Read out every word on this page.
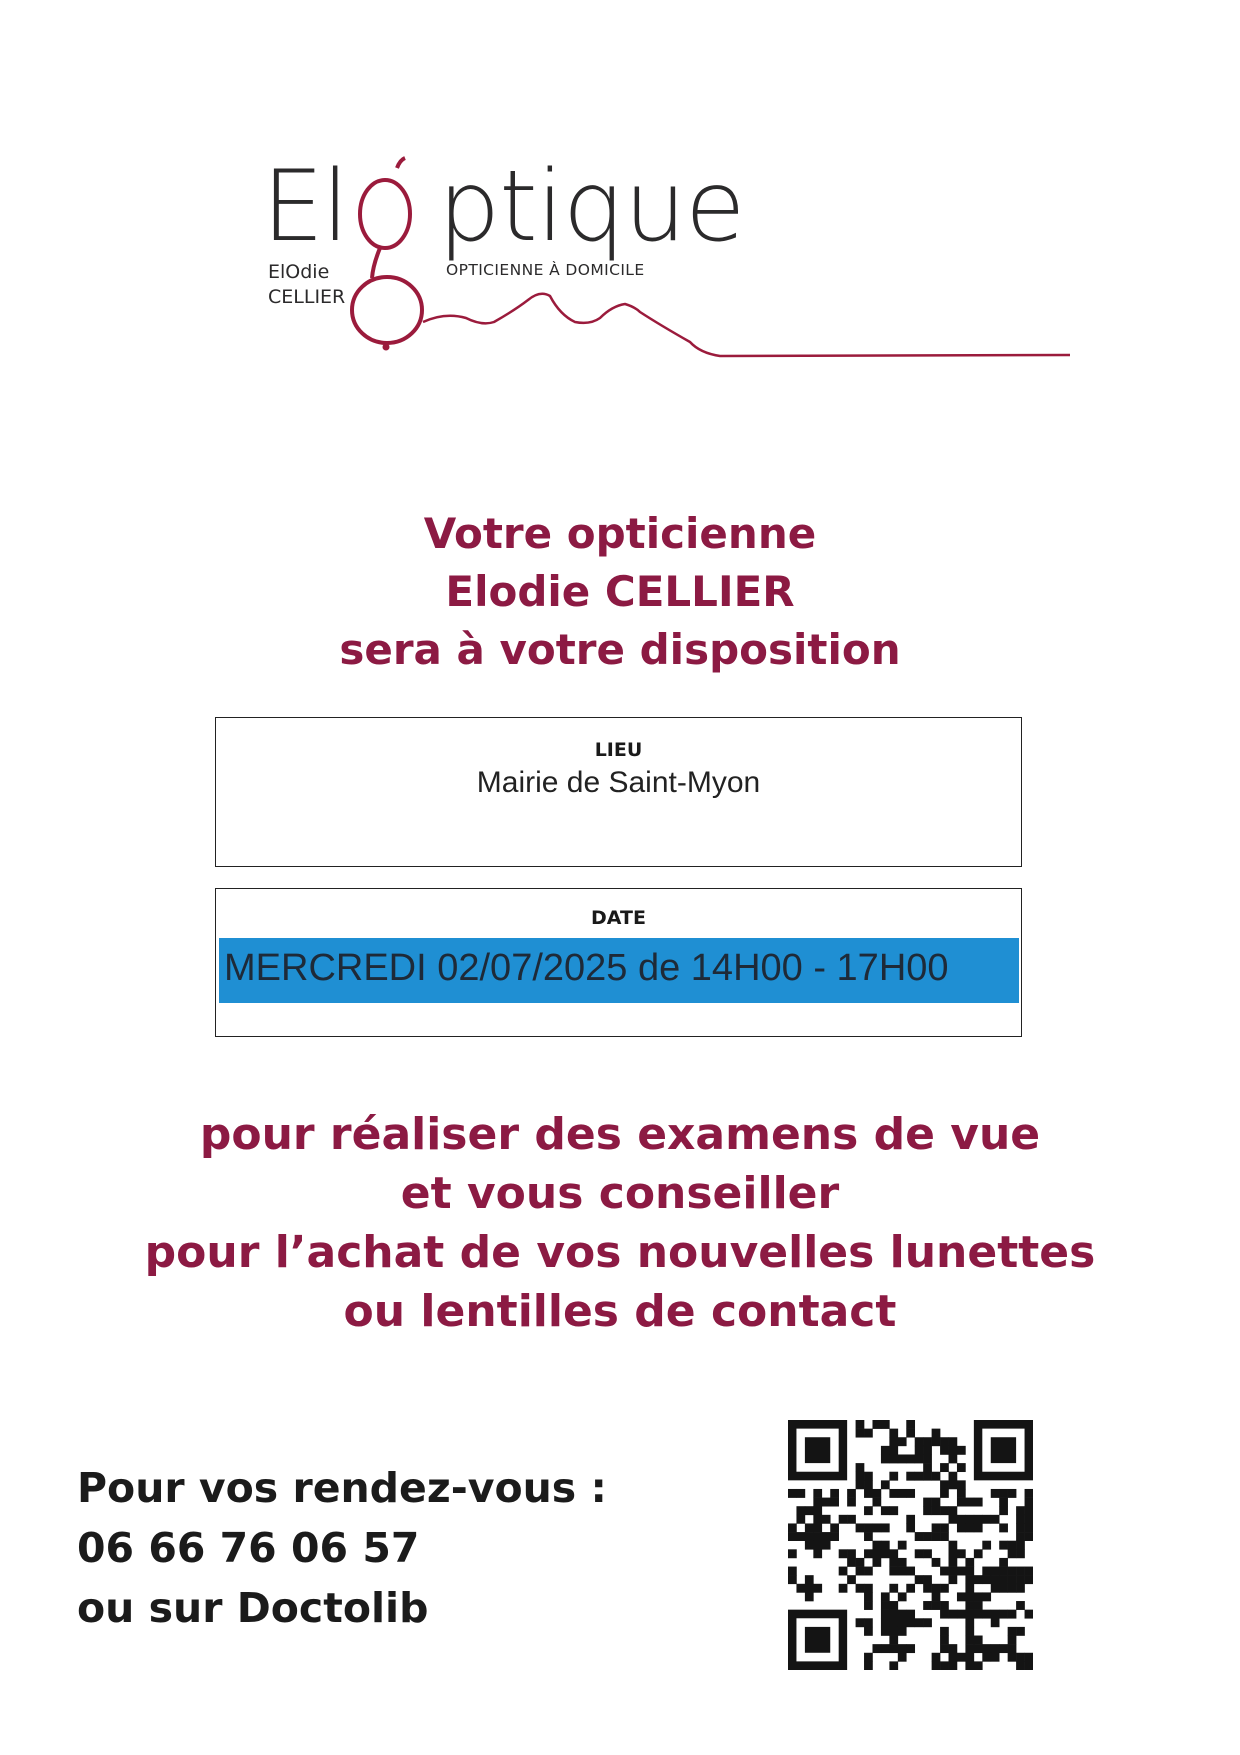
El ptique
ElOdie
CELLIER
OPTICIENNE À DOMICILE
Votre opticienne
Elodie CELLIER
sera à votre disposition
LIEU
Mairie de Saint-Myon
DATE
MERCREDI 02/07/2025 de 14H00 - 17H00
pour réaliser des examens de vue
et vous conseiller
pour l’achat de vos nouvelles lunettes
ou lentilles de contact
Pour vos rendez-vous :
06 66 76 06 57
ou sur Doctolib
